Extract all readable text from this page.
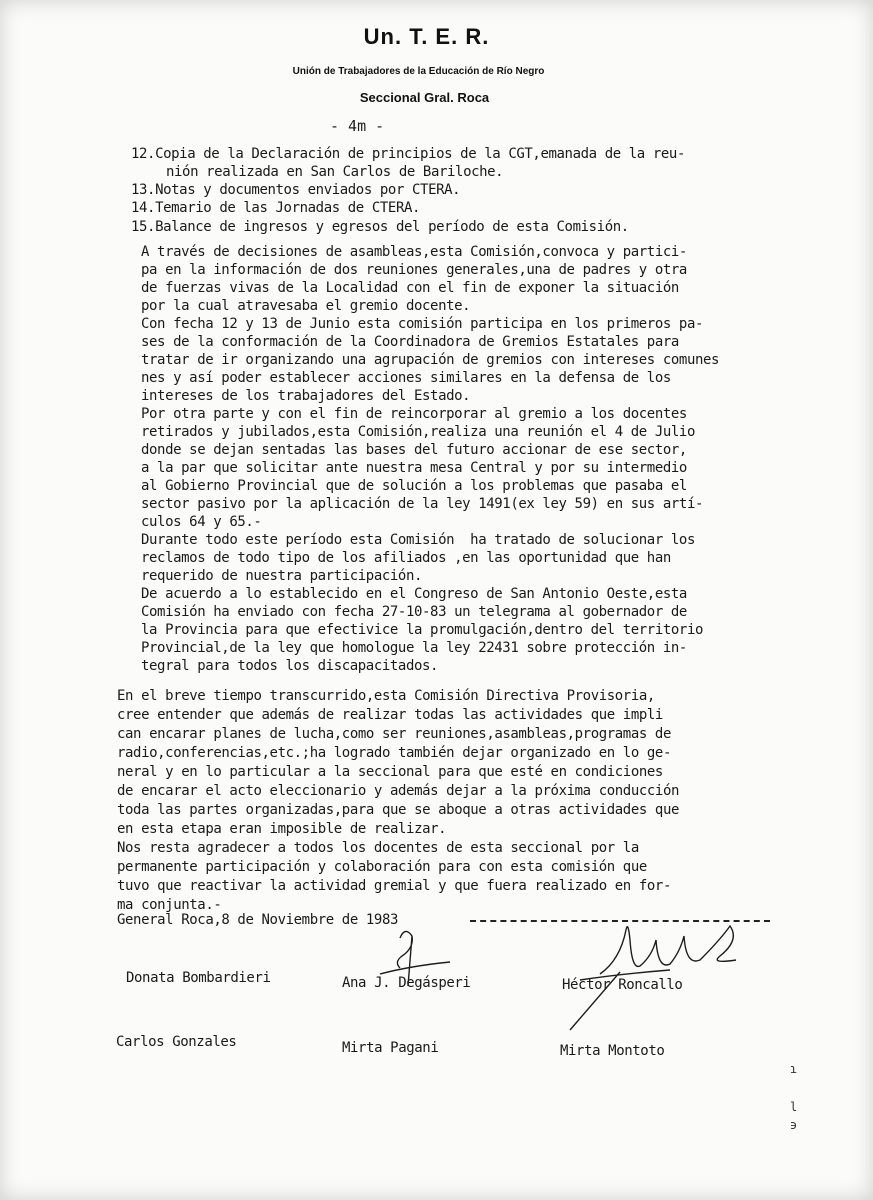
Un. T. E. R.
Unión de Trabajadores de la Educación de Río Negro
Seccional Gral. Roca
- 4m -
12.Copia de la Declaración de principios de la CGT,emanada de la reu-
nión realizada en San Carlos de Bariloche.
13.Notas y documentos enviados por CTERA.
14.Temario de las Jornadas de CTERA.
15.Balance de ingresos y egresos del período de esta Comisión.
A través de decisiones de asambleas,esta Comisión,convoca y partici-
pa en la información de dos reuniones generales,una de padres y otra
de fuerzas vivas de la Localidad con el fin de exponer la situación
por la cual atravesaba el gremio docente.
Con fecha 12 y 13 de Junio esta comisión participa en los primeros pa-
ses de la conformación de la Coordinadora de Gremios Estatales para
tratar de ir organizando una agrupación de gremios con intereses comunes
nes y así poder establecer acciones similares en la defensa de los
intereses de los trabajadores del Estado.
Por otra parte y con el fin de reincorporar al gremio a los docentes
retirados y jubilados,esta Comisión,realiza una reunión el 4 de Julio
donde se dejan sentadas las bases del futuro accionar de ese sector,
a la par que solicitar ante nuestra mesa Central y por su intermedio
al Gobierno Provincial que de solución a los problemas que pasaba el
sector pasivo por la aplicación de la ley 1491(ex ley 59) en sus artí-
culos 64 y 65.-
Durante todo este período esta Comisión  ha tratado de solucionar los
reclamos de todo tipo de los afiliados ,en las oportunidad que han
requerido de nuestra participación.
De acuerdo a lo establecido en el Congreso de San Antonio Oeste,esta
Comisión ha enviado con fecha 27-10-83 un telegrama al gobernador de
la Provincia para que efectivice la promulgación,dentro del territorio
Provincial,de la ley que homologue la ley 22431 sobre protección in-
tegral para todos los discapacitados.
En el breve tiempo transcurrido,esta Comisión Directiva Provisoria,
cree entender que además de realizar todas las actividades que impli
can encarar planes de lucha,como ser reuniones,asambleas,programas de
radio,conferencias,etc.;ha logrado también dejar organizado en lo ge-
neral y en lo particular a la seccional para que esté en condiciones
de encarar el acto eleccionario y además dejar a la próxima conducción
toda las partes organizadas,para que se aboque a otras actividades que
en esta etapa eran imposible de realizar.
Nos resta agradecer a todos los docentes de esta seccional por la
permanente participación y colaboración para con esta comisión que
tuvo que reactivar la actividad gremial y que fuera realizado en for-
ma conjunta.-
General Roca,8 de Noviembre de 1983
Donata Bombardieri	Ana J. Degásperi	Héctor Roncallo
Carlos Gonzales	Mirta Pagani	Mirta Montoto
ɿ
l
϶
